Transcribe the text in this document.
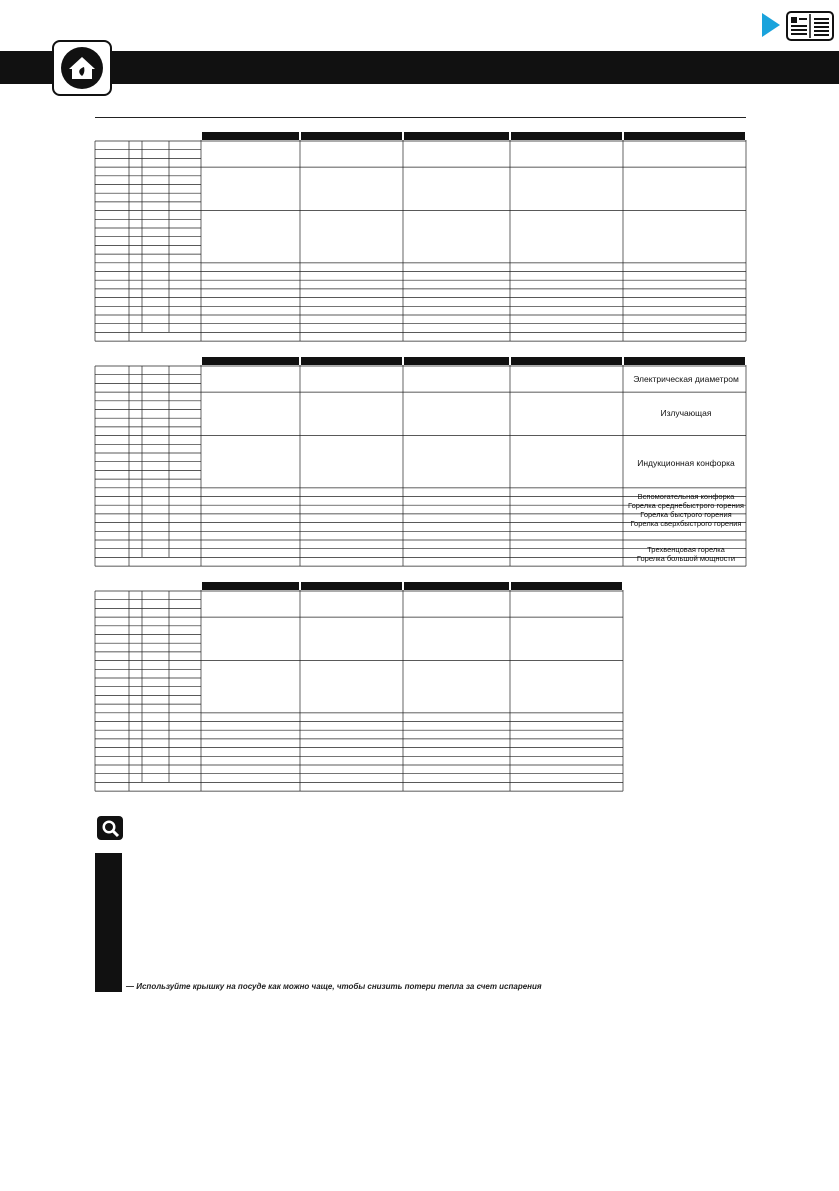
Электрическая диаметром
Излучающая
Индукционная конфорка
Вспомогательная конфорка
Горелка среднебыстрого горения
Горелка быстрого горения
Горелка сверхбыстрого горения
Трехвенцовая горелка
Горелка большой мощности
— Используйте крышку на посуде как можно чаще, чтобы снизить потери тепла за счет испарения
